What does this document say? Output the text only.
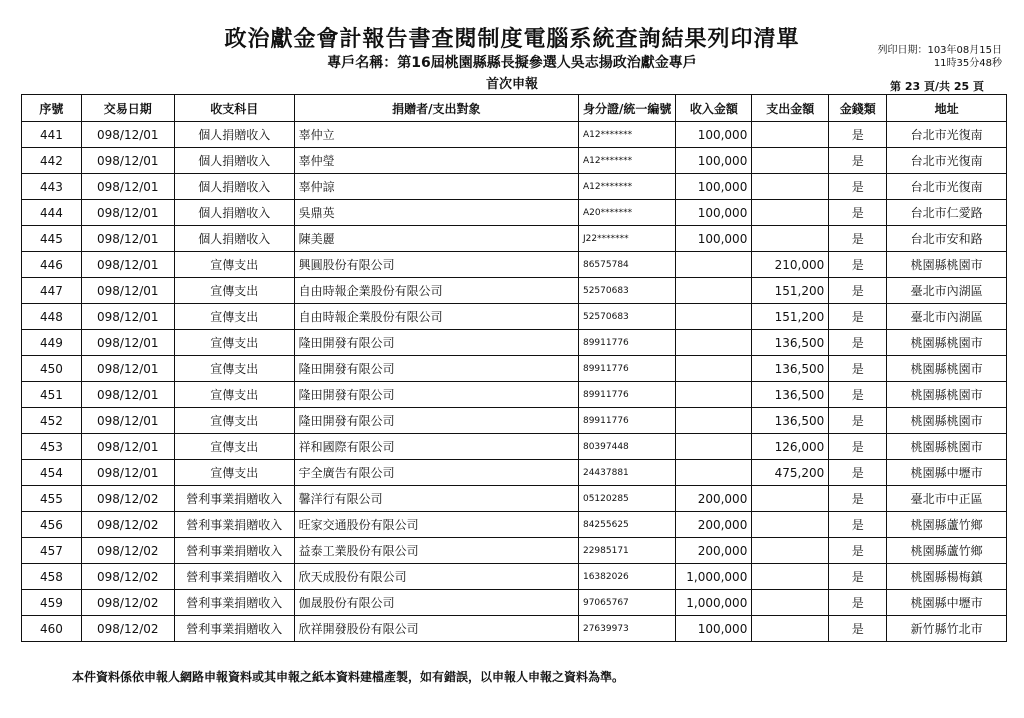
政治獻金會計報告書查閱制度電腦系統查詢結果列印清單
專戶名稱：第16屆桃園縣縣長擬參選人吳志揚政治獻金專戶
首次申報
列印日期：103年08月15日
11時35分48秒
第 23 頁/共 25 頁
序號	交易日期	收支科目	捐贈者/支出對象	身分證/統一編號	收入金額	支出金額	金錢類	地址
441	098/12/01	個人捐贈收入	辜仲立	A12*******	100,000		是	台北市光復南
442	098/12/01	個人捐贈收入	辜仲瑩	A12*******	100,000		是	台北市光復南
443	098/12/01	個人捐贈收入	辜仲諒	A12*******	100,000		是	台北市光復南
444	098/12/01	個人捐贈收入	吳鼎英	A20*******	100,000		是	台北市仁愛路
445	098/12/01	個人捐贈收入	陳美麗	J22*******	100,000		是	台北市安和路
446	098/12/01	宣傳支出	興圓股份有限公司	86575784		210,000	是	桃園縣桃園市
447	098/12/01	宣傳支出	自由時報企業股份有限公司	52570683		151,200	是	臺北市內湖區
448	098/12/01	宣傳支出	自由時報企業股份有限公司	52570683		151,200	是	臺北市內湖區
449	098/12/01	宣傳支出	隆田開發有限公司	89911776		136,500	是	桃園縣桃園市
450	098/12/01	宣傳支出	隆田開發有限公司	89911776		136,500	是	桃園縣桃園市
451	098/12/01	宣傳支出	隆田開發有限公司	89911776		136,500	是	桃園縣桃園市
452	098/12/01	宣傳支出	隆田開發有限公司	89911776		136,500	是	桃園縣桃園市
453	098/12/01	宣傳支出	祥和國際有限公司	80397448		126,000	是	桃園縣桃園市
454	098/12/01	宣傳支出	宇全廣告有限公司	24437881		475,200	是	桃園縣中壢市
455	098/12/02	營利事業捐贈收入	馨洋行有限公司	05120285	200,000		是	臺北市中正區
456	098/12/02	營利事業捐贈收入	旺家交通股份有限公司	84255625	200,000		是	桃園縣蘆竹鄉
457	098/12/02	營利事業捐贈收入	益泰工業股份有限公司	22985171	200,000		是	桃園縣蘆竹鄉
458	098/12/02	營利事業捐贈收入	欣天成股份有限公司	16382026	1,000,000		是	桃園縣楊梅鎮
459	098/12/02	營利事業捐贈收入	伽晟股份有限公司	97065767	1,000,000		是	桃園縣中壢市
460	098/12/02	營利事業捐贈收入	欣祥開發股份有限公司	27639973	100,000		是	新竹縣竹北市
本件資料係依申報人網路申報資料或其申報之紙本資料建檔產製，如有錯誤，以申報人申報之資料為準。
